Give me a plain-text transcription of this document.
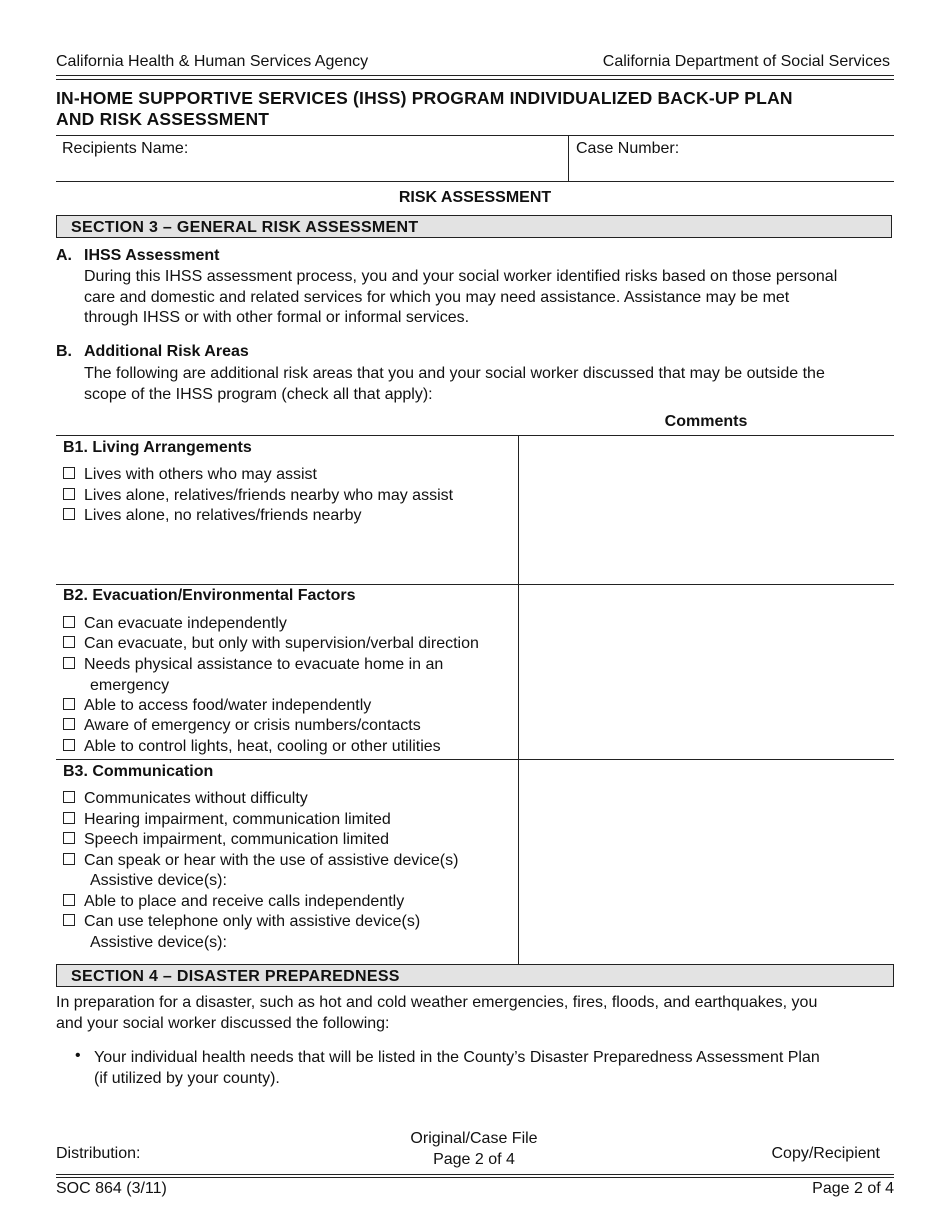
California Health & Human Services Agency	California Department of Social Services
IN-HOME SUPPORTIVE SERVICES (IHSS) PROGRAM INDIVIDUALIZED BACK-UP PLAN
AND RISK ASSESSMENT
Recipients Name:	Case Number:
RISK ASSESSMENT
SECTION 3 – GENERAL RISK ASSESSMENT
A. IHSS Assessment
During this IHSS assessment process, you and your social worker identified risks based on those personal
care and domestic and related services for which you may need assistance. Assistance may be met
through IHSS or with other formal or informal services.
B. Additional Risk Areas
The following are additional risk areas that you and your social worker discussed that may be outside the
scope of the IHSS program (check all that apply):
Comments
B1. Living Arrangements
Lives with others who may assist
Lives alone, relatives/friends nearby who may assist
Lives alone, no relatives/friends nearby
B2. Evacuation/Environmental Factors
Can evacuate independently
Can evacuate, but only with supervision/verbal direction
Needs physical assistance to evacuate home in an
emergency
Able to access food/water independently
Aware of emergency or crisis numbers/contacts
Able to control lights, heat, cooling or other utilities
B3. Communication
Communicates without difficulty
Hearing impairment, communication limited
Speech impairment, communication limited
Can speak or hear with the use of assistive device(s)
Assistive device(s):
Able to place and receive calls independently
Can use telephone only with assistive device(s)
Assistive device(s):
SECTION 4 – DISASTER PREPAREDNESS
In preparation for a disaster, such as hot and cold weather emergencies, fires, floods, and earthquakes, you
and your social worker discussed the following:
• Your individual health needs that will be listed in the County’s Disaster Preparedness Assessment Plan
(if utilized by your county).
Distribution:
Original/Case File
Page 2 of 4	Copy/Recipient
SOC 864 (3/11)	Page 2 of 4
